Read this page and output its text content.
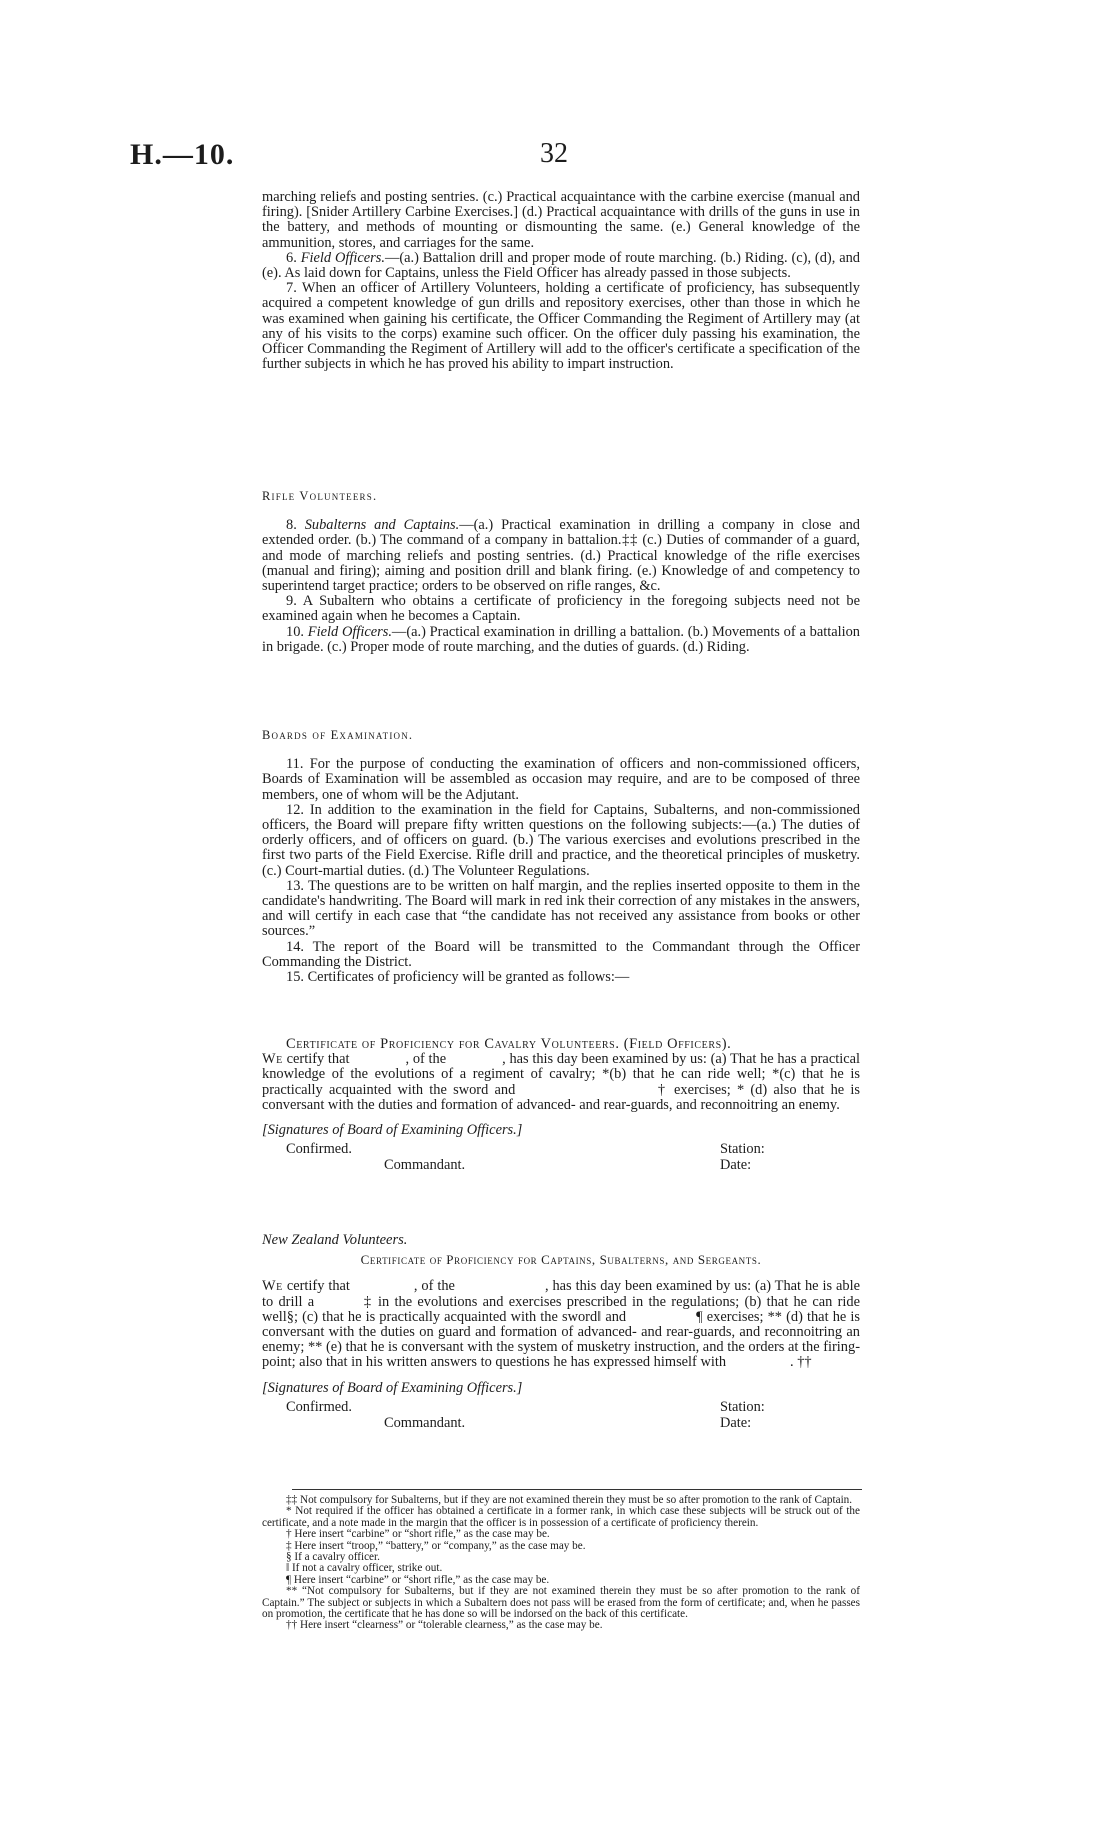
H.—10.	32

marching reliefs and posting sentries. (c.) Practical acquaintance with the carbine exercise (manual and firing). [Snider Artillery Carbine Exercises.] (d.) Practical acquaintance with drills of the guns in use in the battery, and methods of mounting or dismounting the same. (e.) General knowledge of the ammunition, stores, and carriages for the same.

6. Field Officers.—(a.) Battalion drill and proper mode of route marching. (b.) Riding. (c), (d), and (e). As laid down for Captains, unless the Field Officer has already passed in those subjects.

7. When an officer of Artillery Volunteers, holding a certificate of proficiency, has subsequently acquired a competent knowledge of gun drills and repository exercises, other than those in which he was examined when gaining his certificate, the Officer Commanding the Regiment of Artillery may (at any of his visits to the corps) examine such officer. On the officer duly passing his examination, the Officer Commanding the Regiment of Artillery will add to the officer's certificate a specification of the further subjects in which he has proved his ability to impart instruction.

Rifle Volunteers.

8. Subalterns and Captains.—(a.) Practical examination in drilling a company in close and extended order. (b.) The command of a company in battalion.‡‡ (c.) Duties of commander of a guard, and mode of marching reliefs and posting sentries. (d.) Practical knowledge of the rifle exercises (manual and firing); aiming and position drill and blank firing. (e.) Knowledge of and competency to superintend target practice; orders to be observed on rifle ranges, &c.

9. A Subaltern who obtains a certificate of proficiency in the foregoing subjects need not be examined again when he becomes a Captain.

10. Field Officers.—(a.) Practical examination in drilling a battalion. (b.) Movements of a battalion in brigade. (c.) Proper mode of route marching, and the duties of guards. (d.) Riding.

Boards of Examination.

11. For the purpose of conducting the examination of officers and non-commissioned officers, Boards of Examination will be assembled as occasion may require, and are to be composed of three members, one of whom will be the Adjutant.

12. In addition to the examination in the field for Captains, Subalterns, and non-commissioned officers, the Board will prepare fifty written questions on the following subjects:—(a.) The duties of orderly officers, and of officers on guard. (b.) The various exercises and evolutions prescribed in the first two parts of the Field Exercise. Rifle drill and practice, and the theoretical principles of musketry. (c.) Court-martial duties. (d.) The Volunteer Regulations.

13. The questions are to be written on half margin, and the replies inserted opposite to them in the candidate's handwriting. The Board will mark in red ink their correction of any mistakes in the answers, and will certify in each case that “the candidate has not received any assistance from books or other sources.”

14. The report of the Board will be transmitted to the Commandant through the Officer Commanding the District.

15. Certificates of proficiency will be granted as follows:—

Certificate of Proficiency for Cavalry Volunteers. (Field Officers).

We certify that	, of the	, has this day been examined by us: (a) That he has a practical knowledge of the evolutions of a regiment of cavalry; *(b) that he can ride well; *(c) that he is practically acquainted with the sword and	† exercises; * (d) also that he is conversant with the duties and formation of advanced- and rear-guards, and reconnoitring an enemy.

[Signatures of Board of Examining Officers.]

Confirmed.
Commandant.
Station:
Date:

New Zealand Volunteers.

Certificate of Proficiency for Captains, Subalterns, and Sergeants.

We certify that	, of the	, has this day been examined by us: (a) That he is able to drill a	‡ in the evolutions and exercises prescribed in the regulations; (b) that he can ride well§; (c) that he is practically acquainted with the sword‖ and	¶ exercises; ** (d) that he is conversant with the duties on guard and formation of advanced- and rear-guards, and reconnoitring an enemy; ** (e) that he is conversant with the system of musketry instruction, and the orders at the firing-point; also that in his written answers to questions he has expressed himself with	. ††

[Signatures of Board of Examining Officers.]

Confirmed.
Commandant.
Station:
Date:

‡‡ Not compulsory for Subalterns, but if they are not examined therein they must be so after promotion to the rank of Captain.

* Not required if the officer has obtained a certificate in a former rank, in which case these subjects will be struck out of the certificate, and a note made in the margin that the officer is in possession of a certificate of proficiency therein.

† Here insert “carbine” or “short rifle,” as the case may be.

‡ Here insert “troop,” “battery,” or “company,” as the case may be.

§ If a cavalry officer.

‖ If not a cavalry officer, strike out.

¶ Here insert “carbine” or “short rifle,” as the case may be.

** “Not compulsory for Subalterns, but if they are not examined therein they must be so after promotion to the rank of Captain.” The subject or subjects in which a Subaltern does not pass will be erased from the form of certificate; and, when he passes on promotion, the certificate that he has done so will be indorsed on the back of this certificate.

†† Here insert “clearness” or “tolerable clearness,” as the case may be.
